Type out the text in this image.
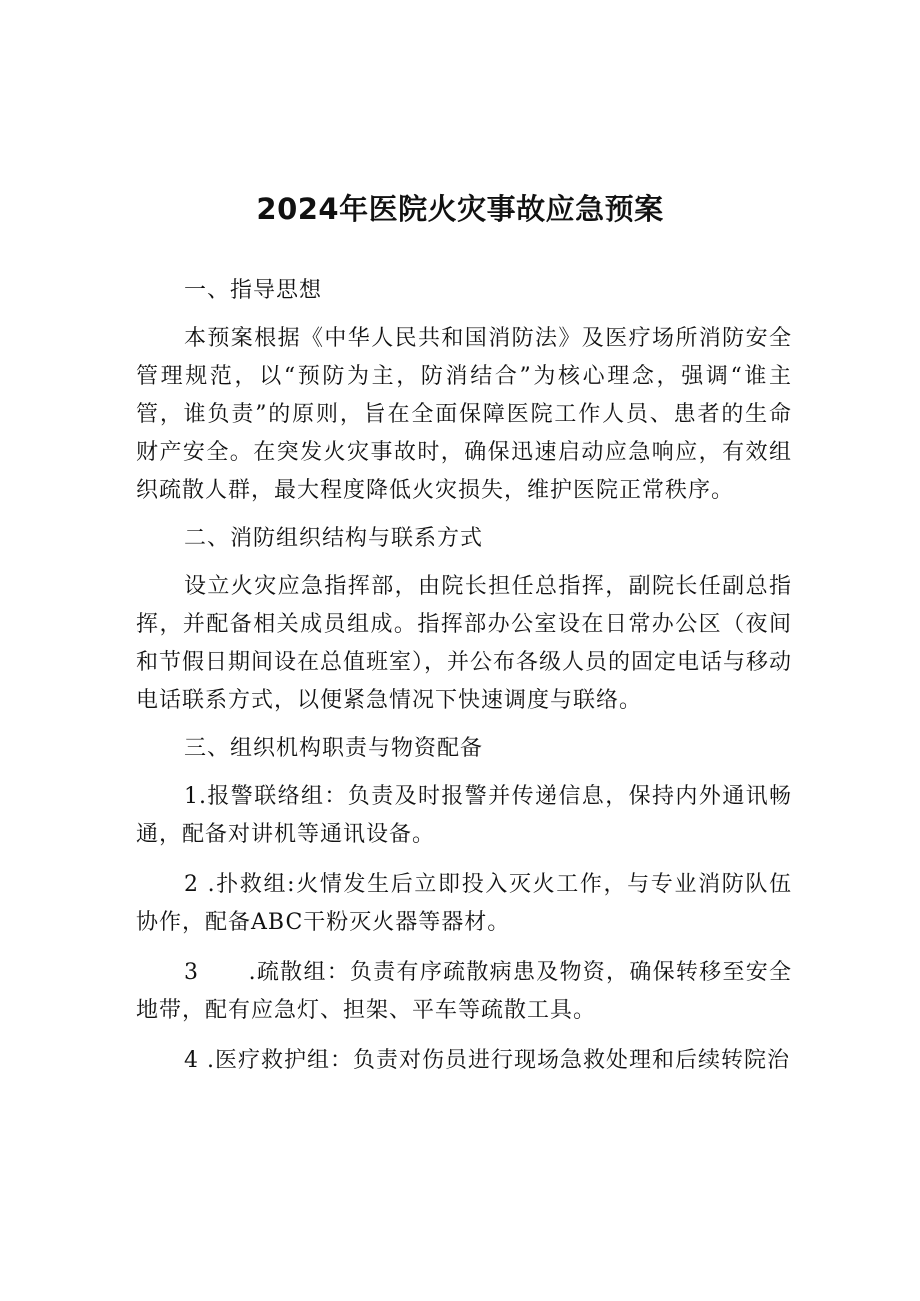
2024年医院火灾事故应急预案

一、指导思想

本预案根据《中华人民共和国消防法》及医疗场所消防安全管理规范，以“预防为主，防消结合”为核心理念，强调“谁主管，谁负责”的原则，旨在全面保障医院工作人员、患者的生命财产安全。在突发火灾事故时，确保迅速启动应急响应，有效组织疏散人群，最大程度降低火灾损失，维护医院正常秩序。

二、消防组织结构与联系方式

设立火灾应急指挥部，由院长担任总指挥，副院长任副总指挥，并配备相关成员组成。指挥部办公室设在日常办公区（夜间和节假日期间设在总值班室），并公布各级人员的固定电话与移动电话联系方式，以便紧急情况下快速调度与联络。

三、组织机构职责与物资配备

1.报警联络组：负责及时报警并传递信息，保持内外通讯畅通，配备对讲机等通讯设备。

2 .扑救组:火情发生后立即投入灭火工作，与专业消防队伍协作，配备ABC干粉灭火器等器材。

3      .疏散组：负责有序疏散病患及物资，确保转移至安全地带，配有应急灯、担架、平车等疏散工具。

4 .医疗救护组：负责对伤员进行现场急救处理和后续转院治
